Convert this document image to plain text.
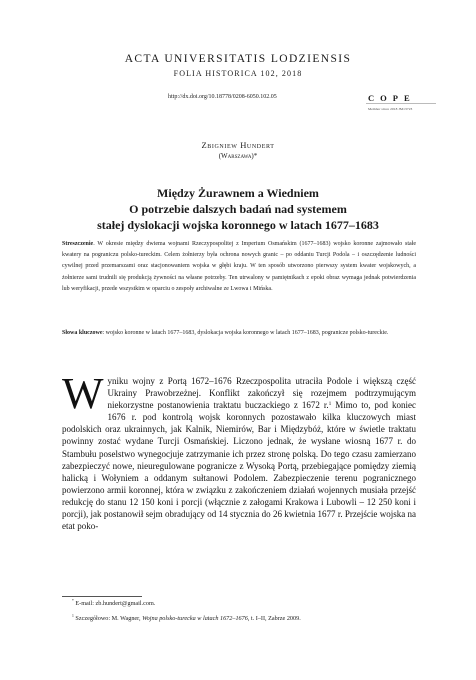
ACTA UNIVERSITATIS LODZIENSIS
FOLIA HISTORICA 102, 2018
http://dx.doi.org/10.18778/0208-6050.102.05	C O P E
Member since 2018 JM13723
Zbigniew Hundert
(Warszawa)*
Między Żurawnem a Wiedniem
O potrzebie dalszych badań nad systemem
stałej dyslokacji wojska koronnego w latach 1677–1683
Streszczenie. W okresie między dwiema wojnami Rzeczypospolitej z Imperium Osmańskim (1677–1683) wojsko koronne zajmowało stałe kwatery na pograniczu polsko-tureckim. Celem żołnierzy była ochrona nowych granic – po oddaniu Turcji Podola – i oszczędzenie ludności cywilnej przed przemarszami oraz stacjonowaniem wojska w głębi kraju. W ten sposób utworzono pierwszy system kwater wojskowych, a żołnierze sami trudnili się produkcją żywności na własne potrzeby. Ten utrwalony w pamiętnikach z epoki obraz wymaga jednak potwierdzenia lub weryfikacji, przede wszystkim w oparciu o zespoły archiwalne ze Lwowa i Mińska.
Słowa kluczowe: wojsko koronne w latach 1677–1683, dyslokacja wojska koronnego w latach 1677–1683, pogranicze polsko-tureckie.
Wyniku wojny z Portą 1672–1676 Rzeczpospolita utraciła Podole i większą część Ukrainy Prawobrzeżnej. Konflikt zakończył się rozejmem podtrzymującym niekorzystne postanowienia traktatu buczackiego z 1672 r.$^1$ Mimo to, pod koniec 1676 r. pod kontrolą wojsk koronnych pozostawało kilka kluczowych miast podolskich oraz ukrainnych, jak Kalnik, Niemirów, Bar i Międzybóż, które w świetle traktatu powinny zostać wydane Turcji Osmańskiej. Liczono jednak, że wysłane wiosną 1677 r. do Stambułu poselstwo wynegocjuje zatrzymanie ich przez stronę polską. Do tego czasu zamierzano zabezpieczyć nowe, nieuregulowane pogranicze z Wysoką Portą, przebiegające pomiędzy ziemią halicką i Wołyniem a oddanym sułtanowi Podolem. Zabezpieczenie terenu pogranicznego powierzono armii koronnej, która w związku z zakończeniem działań wojennych musiała przejść redukcję do stanu 12 150 koni i porcji (włącznie z załogami Krakowa i Lubowli – 12 250 koni i porcji), jak postanowił sejm obradujący od 14 stycznia do 26 kwietnia 1677 r. Przejście wojska na etat poko-
* E-mail: zb.hundert@gmail.com.
$^1$ Szczegółowo: M. Wagner, Wojna polsko-turecka w latach 1672–1676, t. I–II, Zabrze 2009.
